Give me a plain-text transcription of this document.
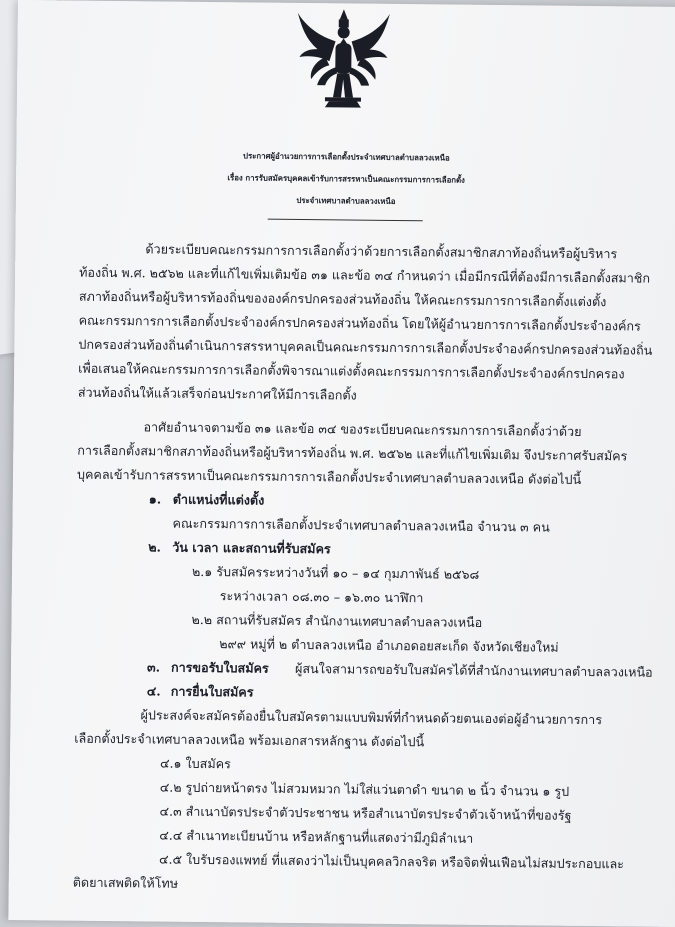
ประกาศผู้อำนวยการการเลือกตั้งประจำเทศบาลตำบลลวงเหนือ
เรื่อง การรับสมัครบุคคลเข้ารับการสรรหาเป็นคณะกรรมการการเลือกตั้ง
ประจำเทศบาลตำบลลวงเหนือ
ด้วยระเบียบคณะกรรมการการเลือกตั้งว่าด้วยการเลือกตั้งสมาชิกสภาท้องถิ่นหรือผู้บริหาร
ท้องถิ่น พ.ศ. ๒๕๖๒ และที่แก้ไขเพิ่มเติมข้อ ๓๑ และข้อ ๓๔ กำหนดว่า เมื่อมีกรณีที่ต้องมีการเลือกตั้งสมาชิก
สภาท้องถิ่นหรือผู้บริหารท้องถิ่นขององค์กรปกครองส่วนท้องถิ่น ให้คณะกรรมการการเลือกตั้งแต่งตั้ง
คณะกรรมการการเลือกตั้งประจำองค์กรปกครองส่วนท้องถิ่น โดยให้ผู้อำนวยการการเลือกตั้งประจำองค์กร
ปกครองส่วนท้องถิ่นดำเนินการสรรหาบุคคลเป็นคณะกรรมการการเลือกตั้งประจำองค์กรปกครองส่วนท้องถิ่น
เพื่อเสนอให้คณะกรรมการการเลือกตั้งพิจารณาแต่งตั้งคณะกรรมการการเลือกตั้งประจำองค์กรปกครอง
ส่วนท้องถิ่นให้แล้วเสร็จก่อนประกาศให้มีการเลือกตั้ง
อาศัยอำนาจตามข้อ ๓๑ และข้อ ๓๔ ของระเบียบคณะกรรมการการเลือกตั้งว่าด้วย
การเลือกตั้งสมาชิกสภาท้องถิ่นหรือผู้บริหารท้องถิ่น พ.ศ. ๒๕๖๒ และที่แก้ไขเพิ่มเติม จึงประกาศรับสมัคร
บุคคลเข้ารับการสรรหาเป็นคณะกรรมการการเลือกตั้งประจำเทศบาลตำบลลวงเหนือ ดังต่อไปนี้
๑. ตำแหน่งที่แต่งตั้ง
คณะกรรมการการเลือกตั้งประจำเทศบาลตำบลลวงเหนือ จำนวน ๓ คน
๒. วัน เวลา และสถานที่รับสมัคร
๒.๑ รับสมัครระหว่างวันที่ ๑๐ – ๑๔ กุมภาพันธ์ ๒๕๖๘
ระหว่างเวลา ๐๘.๓๐ – ๑๖.๓๐ นาฬิกา
๒.๒ สถานที่รับสมัคร สำนักงานเทศบาลตำบลลวงเหนือ
๒๙๙ หมู่ที่ ๒ ตำบลลวงเหนือ อำเภอดอยสะเก็ด จังหวัดเชียงใหม่
๓. การขอรับใบสมัคร ผู้สนใจสามารถขอรับใบสมัครได้ที่สำนักงานเทศบาลตำบลลวงเหนือ
๔. การยื่นใบสมัคร
ผู้ประสงค์จะสมัครต้องยื่นใบสมัครตามแบบพิมพ์ที่กำหนดด้วยตนเองต่อผู้อำนวยการการ
เลือกตั้งประจำเทศบาลลวงเหนือ พร้อมเอกสารหลักฐาน ดังต่อไปนี้
๔.๑ ใบสมัคร
๔.๒ รูปถ่ายหน้าตรง ไม่สวมหมวก ไม่ใส่แว่นตาดำ ขนาด ๒ นิ้ว จำนวน ๑ รูป
๔.๓ สำเนาบัตรประจำตัวประชาชน หรือสำเนาบัตรประจำตัวเจ้าหน้าที่ของรัฐ
๔.๔ สำเนาทะเบียนบ้าน หรือหลักฐานที่แสดงว่ามีภูมิลำเนา
๔.๕ ใบรับรองแพทย์ ที่แสดงว่าไม่เป็นบุคคลวิกลจริต หรือจิตฟั่นเฟือนไม่สมประกอบและ
ติดยาเสพติดให้โทษ
